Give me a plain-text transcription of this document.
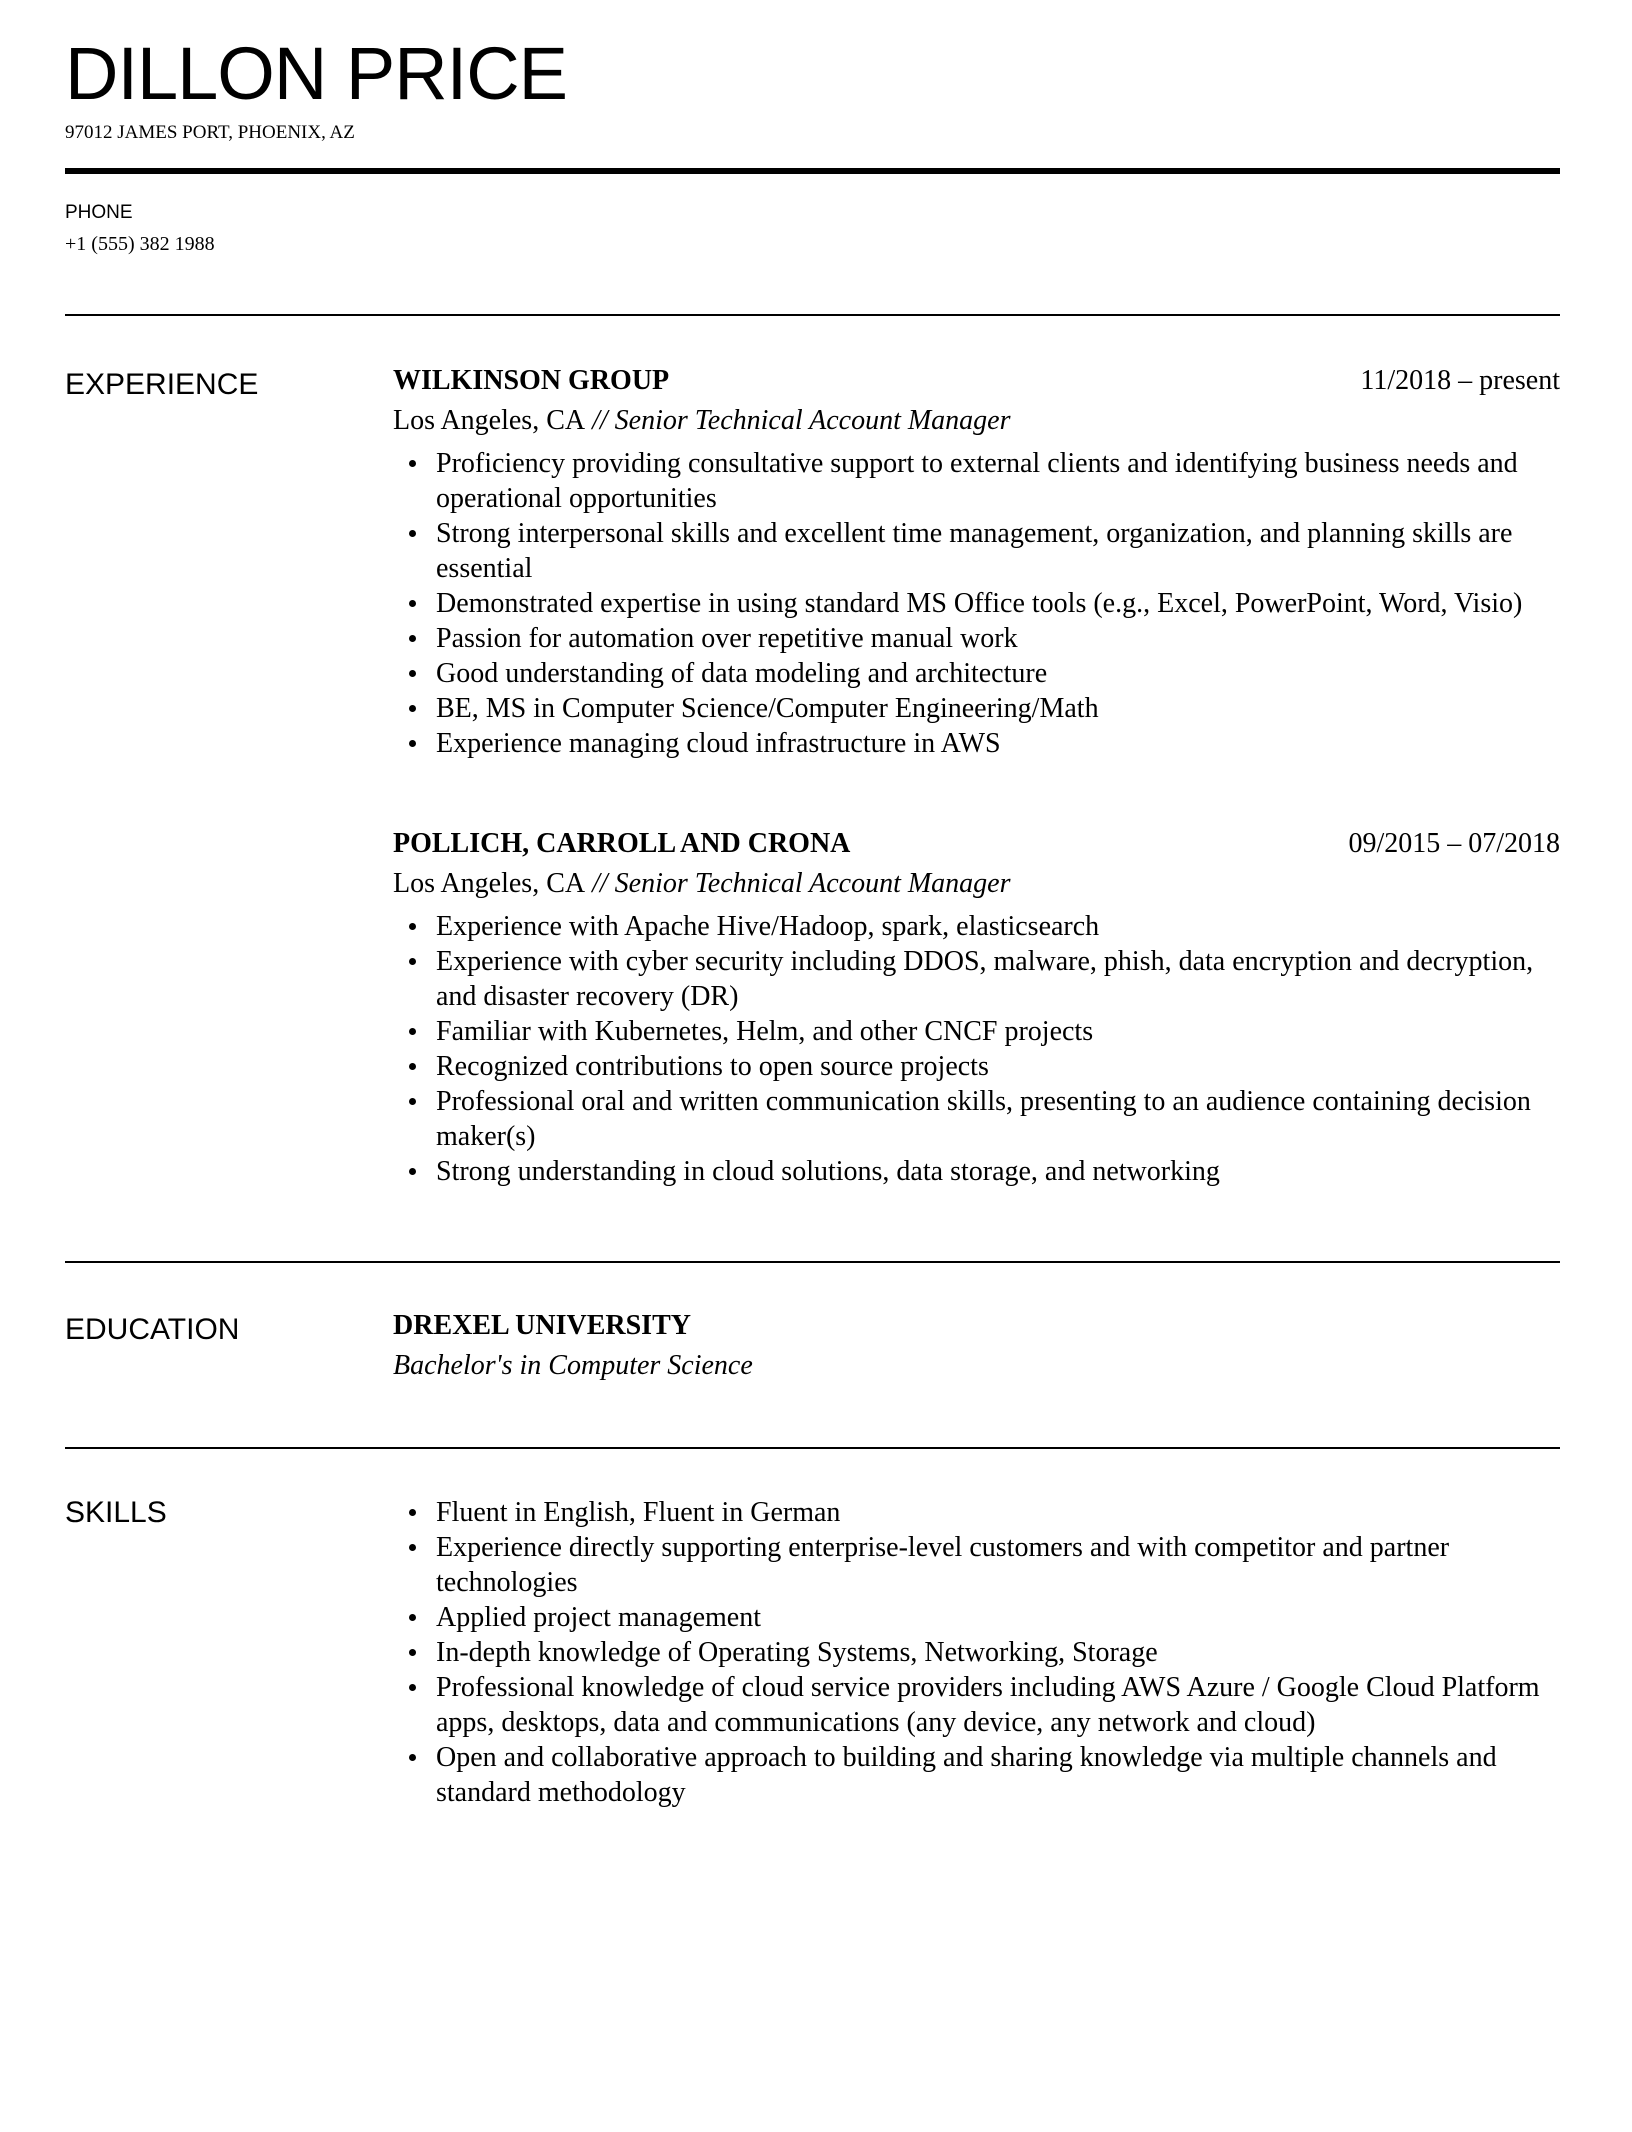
DILLON PRICE
97012 JAMES PORT, PHOENIX, AZ
PHONE
+1 (555) 382 1988
EXPERIENCE	WILKINSON GROUP	11/2018 – present
Los Angeles, CA // Senior Technical Account Manager
Proficiency providing consultative support to external clients and identifying business needs and operational opportunities
Strong interpersonal skills and excellent time management, organization, and planning skills are essential
Demonstrated expertise in using standard MS Office tools (e.g., Excel, PowerPoint, Word, Visio)
Passion for automation over repetitive manual work
Good understanding of data modeling and architecture
BE, MS in Computer Science/Computer Engineering/Math
Experience managing cloud infrastructure in AWS
POLLICH, CARROLL AND CRONA	09/2015 – 07/2018
Los Angeles, CA // Senior Technical Account Manager
Experience with Apache Hive/Hadoop, spark, elasticsearch
Experience with cyber security including DDOS, malware, phish, data encryption and decryption, and disaster recovery (DR)
Familiar with Kubernetes, Helm, and other CNCF projects
Recognized contributions to open source projects
Professional oral and written communication skills, presenting to an audience containing decision maker(s)
Strong understanding in cloud solutions, data storage, and networking
EDUCATION	DREXEL UNIVERSITY
Bachelor's in Computer Science
SKILLS	Fluent in English, Fluent in German
Experience directly supporting enterprise-level customers and with competitor and partner technologies
Applied project management
In-depth knowledge of Operating Systems, Networking, Storage
Professional knowledge of cloud service providers including AWS Azure / Google Cloud Platform apps, desktops, data and communications (any device, any network and cloud)
Open and collaborative approach to building and sharing knowledge via multiple channels and standard methodology
